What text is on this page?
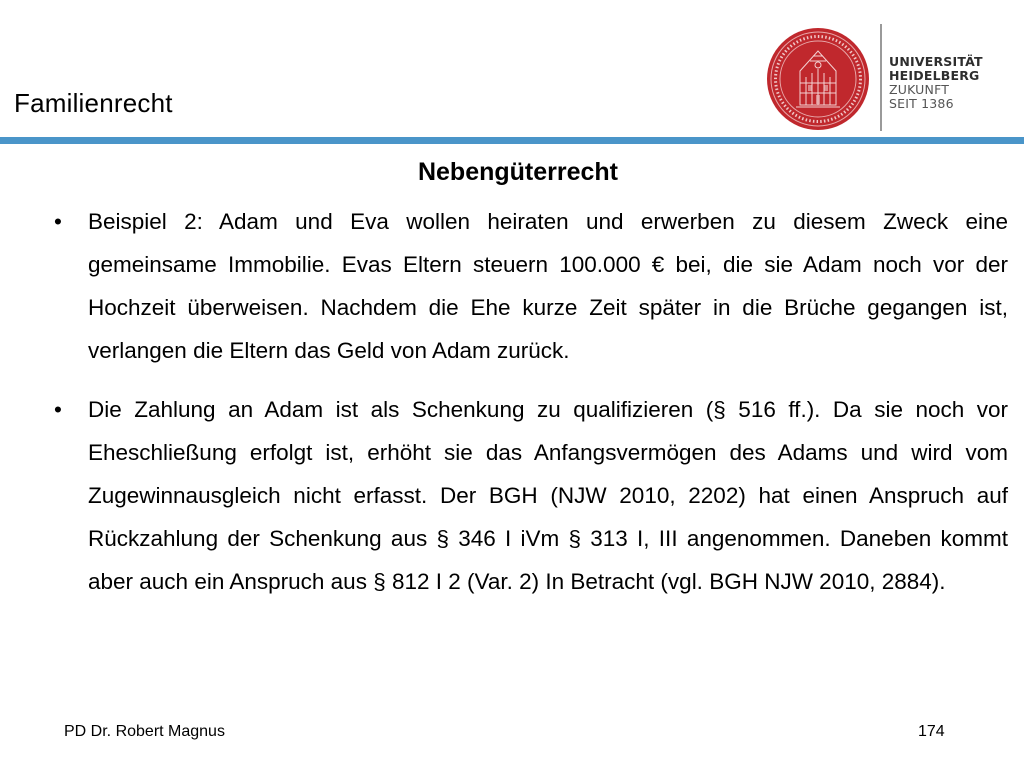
Familienrecht
UNIVERSITÄT
HEIDELBERG
ZUKUNFT
SEIT 1386
Nebengüterrecht
• Beispiel 2: Adam und Eva wollen heiraten und erwerben zu diesem Zweck eine gemeinsame Immobilie. Evas Eltern steuern 100.000 € bei, die sie Adam noch vor der Hochzeit überweisen. Nachdem die Ehe kurze Zeit später in die Brüche gegangen ist, verlangen die Eltern das Geld von Adam zurück.
• Die Zahlung an Adam ist als Schenkung zu qualifizieren (§ 516 ff.). Da sie noch vor Eheschließung erfolgt ist, erhöht sie das Anfangsvermögen des Adams und wird vom Zugewinnausgleich nicht erfasst. Der BGH (NJW 2010, 2202) hat einen Anspruch auf Rückzahlung der Schenkung aus § 346 I iVm § 313 I, III angenommen. Daneben kommt aber auch ein Anspruch aus § 812 I 2 (Var. 2) In Betracht (vgl. BGH NJW 2010, 2884).
PD Dr. Robert Magnus	174
